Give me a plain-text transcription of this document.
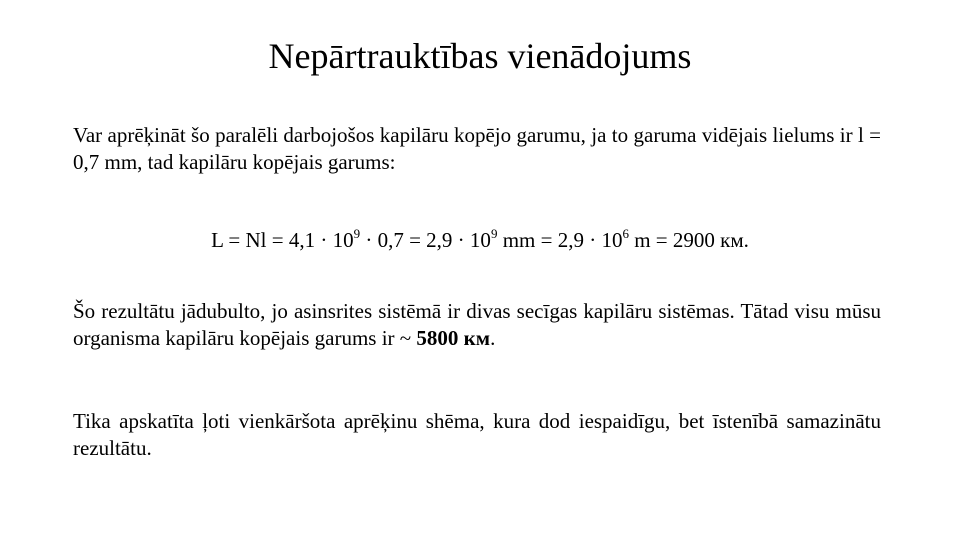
Nepārtrauktības vienādojums
Var aprēķināt šo paralēli darbojošos kapilāru kopējo garumu, ja to garuma vidējais lielums ir l = 0,7 mm, tad kapilāru kopējais garums:
$L = Nl = 4,1 \cdot 10^9 \cdot 0,7 = 2,9 \cdot 10^9$ mm = $2,9 \cdot 10^6$ m = 2900 км.
Šo rezultātu jādubulto, jo asinsrites sistēmā ir divas secīgas kapilāru sistēmas. Tātad visu mūsu organisma kapilāru kopējais garums ir ~ 5800 км.
Tika apskatīta ļoti vienkāršota aprēķinu shēma, kura dod iespaidīgu, bet īstenībā samazinātu rezultātu.
